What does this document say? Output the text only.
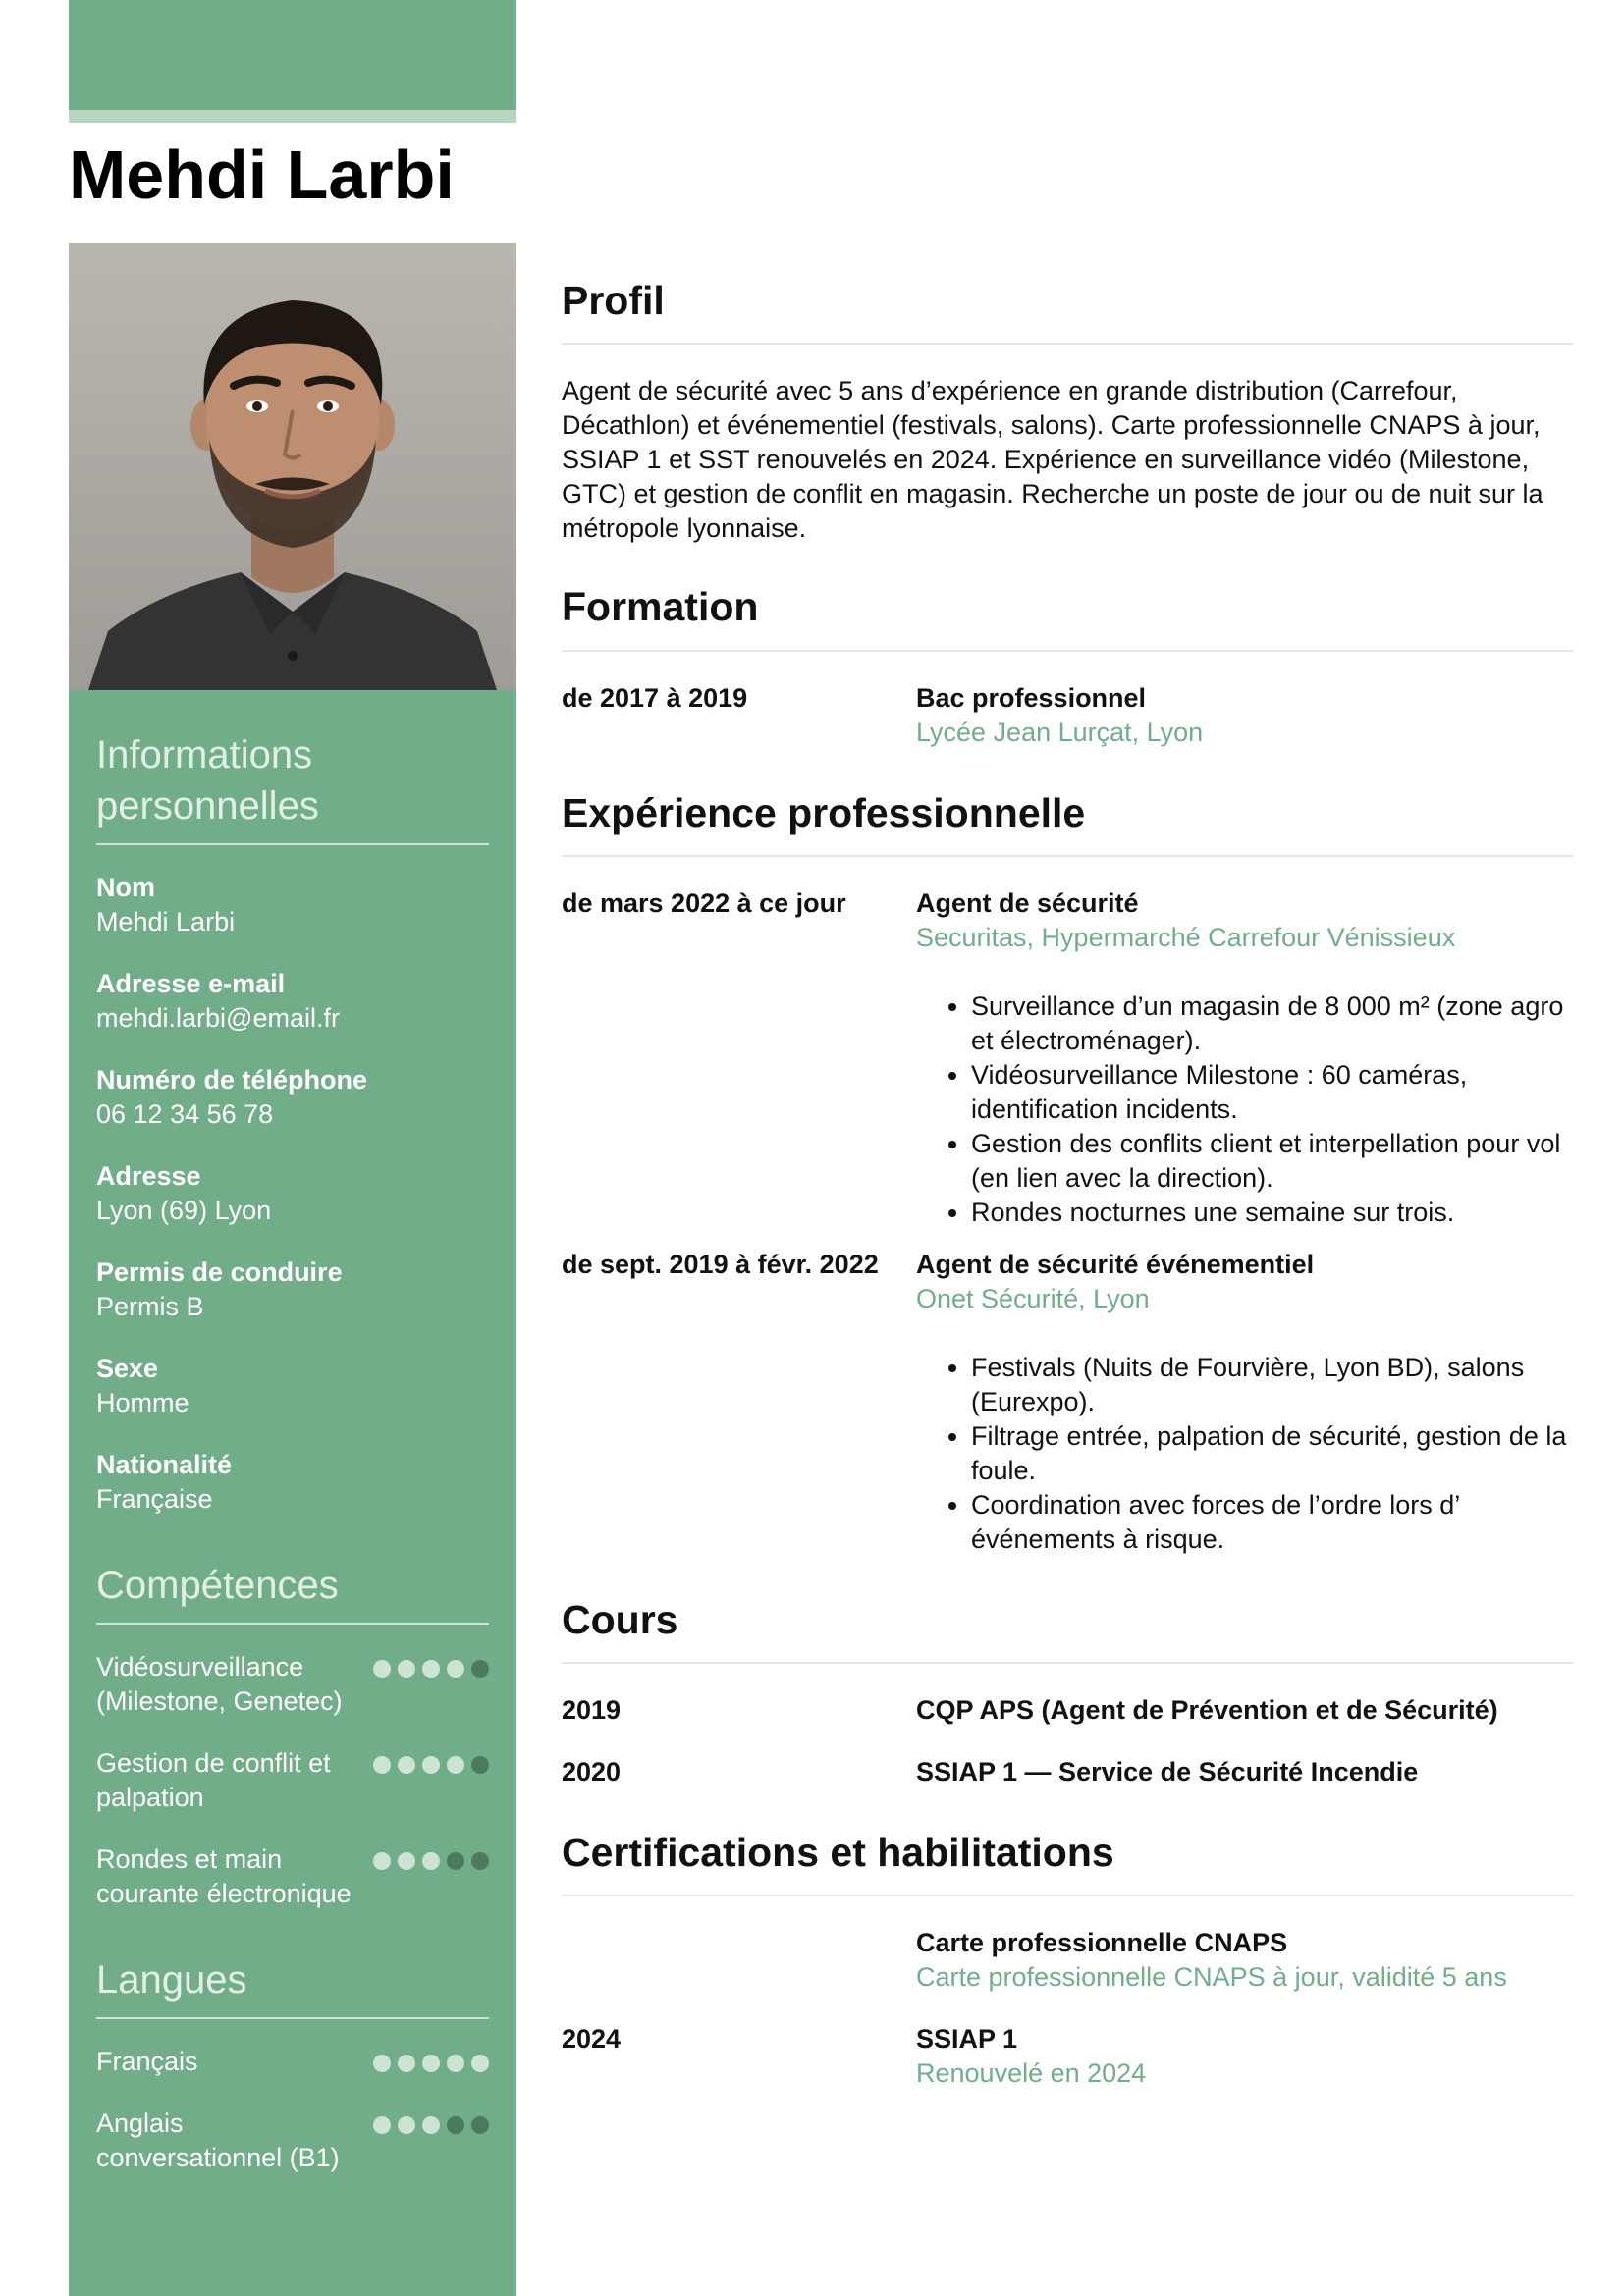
Mehdi Larbi
Informations personnelles
Nom
Mehdi Larbi
Adresse e-mail
mehdi.larbi@email.fr
Numéro de téléphone
06 12 34 56 78
Adresse
Lyon (69) Lyon
Permis de conduire
Permis B
Sexe
Homme
Nationalité
Française
Compétences
Vidéosurveillance (Milestone, Genetec)
Gestion de conflit et palpation
Rondes et main courante électronique
Langues
Français
Anglais conversationnel (B1)
Profil

Agent de sécurité avec 5 ans d’expérience en grande distribution (Carrefour, Décathlon) et événementiel (festivals, salons). Carte professionnelle CNAPS à jour, SSIAP 1 et SST renouvelés en 2024. Expérience en surveillance vidéo (Milestone, GTC) et gestion de conflit en magasin. Recherche un poste de jour ou de nuit sur la métropole lyonnaise.

Formation
de 2017 à 2019	Bac professionnel
Lycée Jean Lurçat, Lyon
Expérience professionnelle
de mars 2022 à ce jour	Agent de sécurité
Securitas, Hypermarché Carrefour Vénissieux
• Surveillance d’un magasin de 8 000 m² (zone agro et électroménager).
• Vidéosurveillance Milestone : 60 caméras, identification incidents.
• Gestion des conflits client et interpellation pour vol (en lien avec la direction).
• Rondes nocturnes une semaine sur trois.
de sept. 2019 à févr. 2022	Agent de sécurité événementiel
Onet Sécurité, Lyon
• Festivals (Nuits de Fourvière, Lyon BD), salons (Eurexpo).
• Filtrage entrée, palpation de sécurité, gestion de la foule.
• Coordination avec forces de l’ordre lors d’ événements à risque.
Cours
2019	CQP APS (Agent de Prévention et de Sécurité)
2020	SSIAP 1 — Service de Sécurité Incendie
Certifications et habilitations
Carte professionnelle CNAPS
Carte professionnelle CNAPS à jour, validité 5 ans
2024	SSIAP 1
Renouvelé en 2024
